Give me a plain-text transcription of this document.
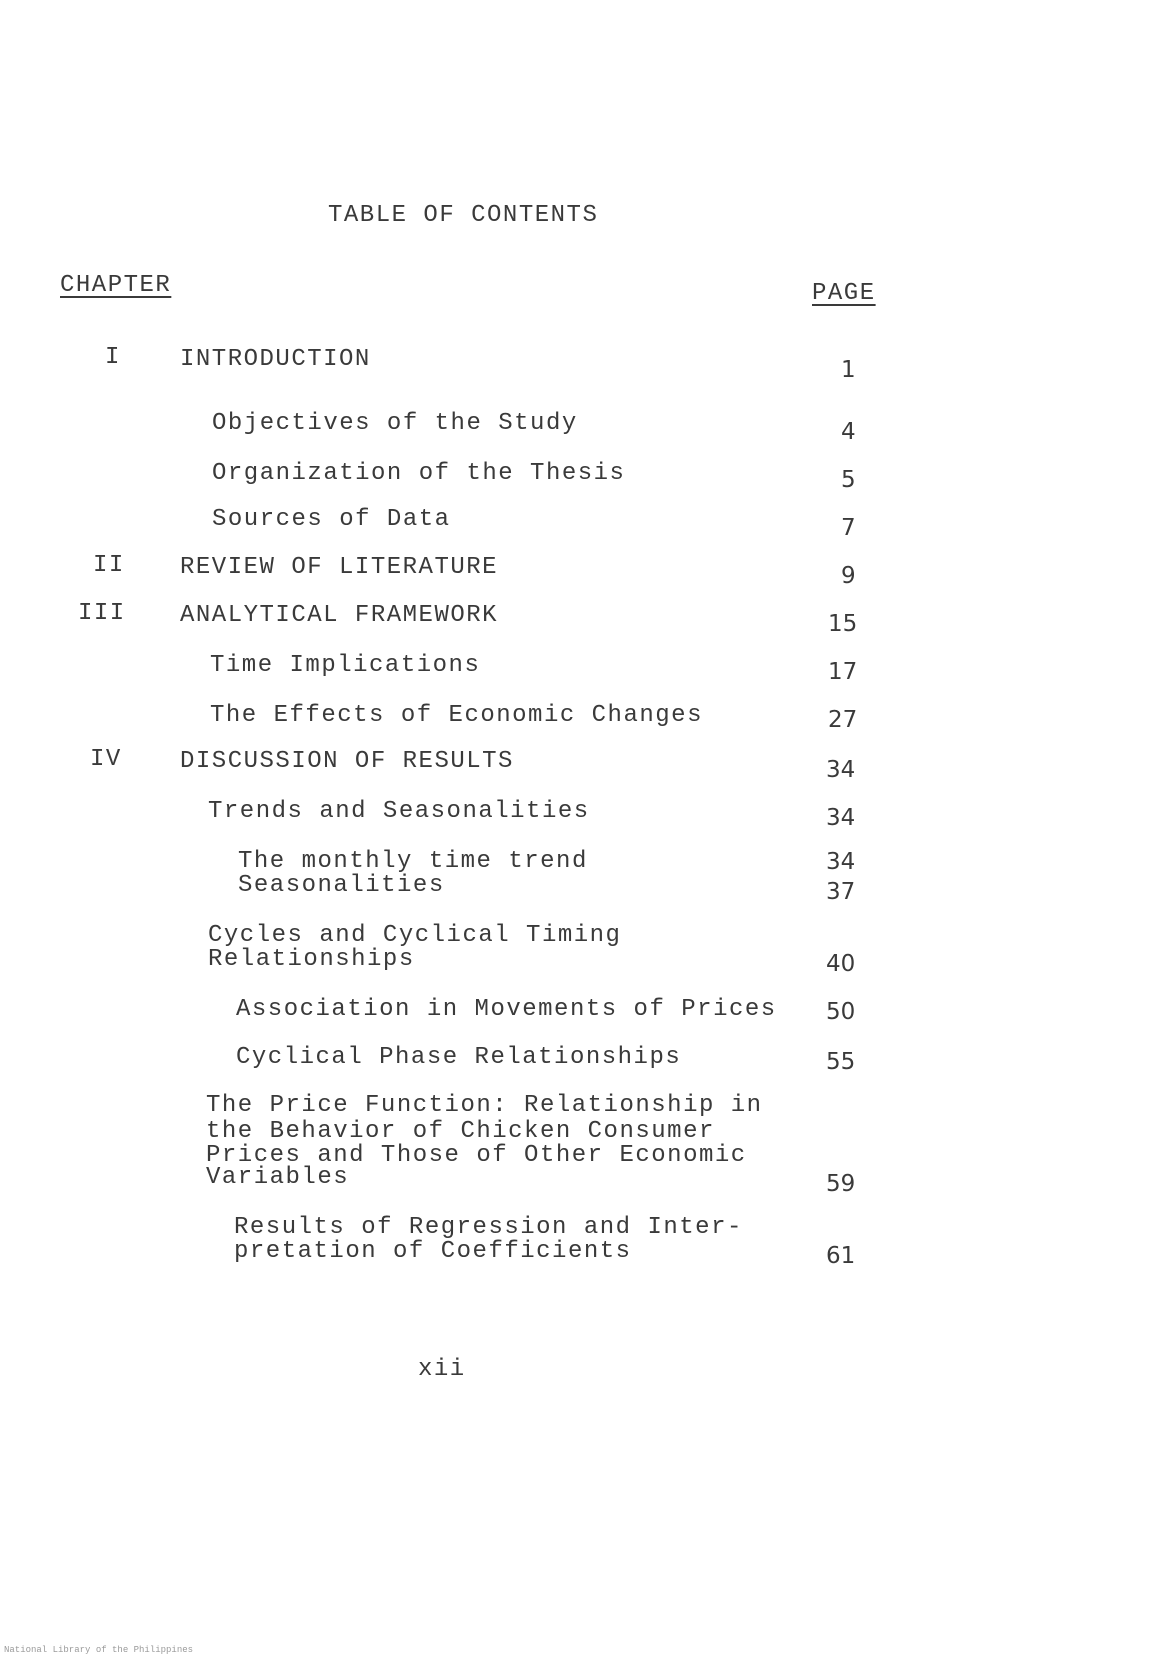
TABLE OF CONTENTS
CHAPTER	PAGE
I INTRODUCTION	1
Objectives of the Study	4
Organization of the Thesis	5
Sources of Data	7
II REVIEW OF LITERATURE	9
III ANALYTICAL FRAMEWORK	15
Time Implications	17
The Effects of Economic Changes	27
IV DISCUSSION OF RESULTS	34
Trends and Seasonalities	34
The monthly time trend	34
Seasonalities	37
Cycles and Cyclical Timing
Relationships	40
Association in Movements of Prices 50
Cyclical Phase Relationships	55
The Price Function: Relationship in
the Behavior of Chicken Consumer
Prices and Those of Other Economic
Variables	59
Results of Regression and Inter-
pretation of Coefficients	61
xii
National Library of the Philippines
